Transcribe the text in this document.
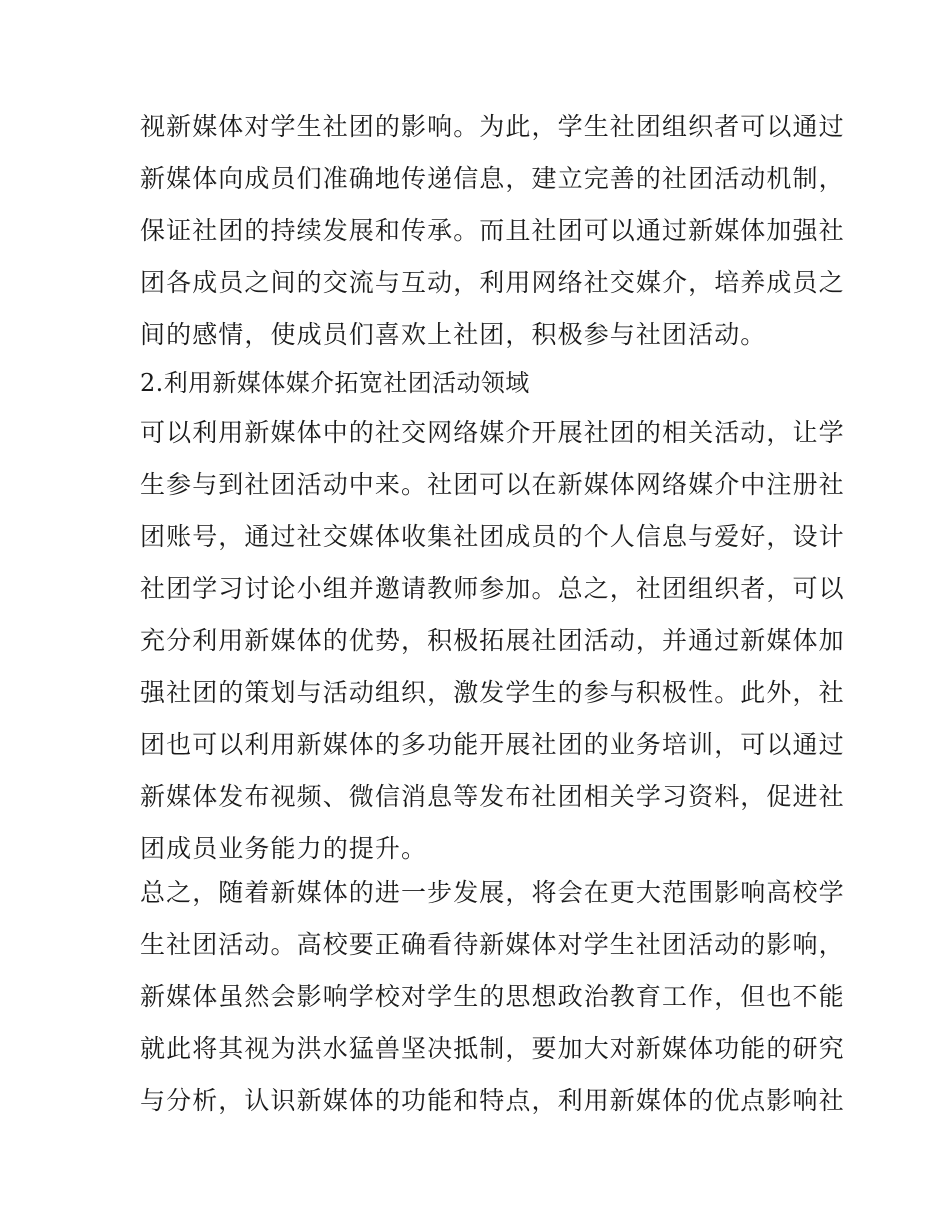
视新媒体对学生社团的影响。为此，学生社团组织者可以通过
新媒体向成员们准确地传递信息，建立完善的社团活动机制，
保证社团的持续发展和传承。而且社团可以通过新媒体加强社
团各成员之间的交流与互动，利用网络社交媒介，培养成员之
间的感情，使成员们喜欢上社团，积极参与社团活动。
2.利用新媒体媒介拓宽社团活动领域
可以利用新媒体中的社交网络媒介开展社团的相关活动，让学
生参与到社团活动中来。社团可以在新媒体网络媒介中注册社
团账号，通过社交媒体收集社团成员的个人信息与爱好，设计
社团学习讨论小组并邀请教师参加。总之，社团组织者，可以
充分利用新媒体的优势，积极拓展社团活动，并通过新媒体加
强社团的策划与活动组织，激发学生的参与积极性。此外，社
团也可以利用新媒体的多功能开展社团的业务培训，可以通过
新媒体发布视频、微信消息等发布社团相关学习资料，促进社
团成员业务能力的提升。
总之，随着新媒体的进一步发展，将会在更大范围影响高校学
生社团活动。高校要正确看待新媒体对学生社团活动的影响，
新媒体虽然会影响学校对学生的思想政治教育工作，但也不能
就此将其视为洪水猛兽坚决抵制，要加大对新媒体功能的研究
与分析，认识新媒体的功能和特点，利用新媒体的优点影响社
